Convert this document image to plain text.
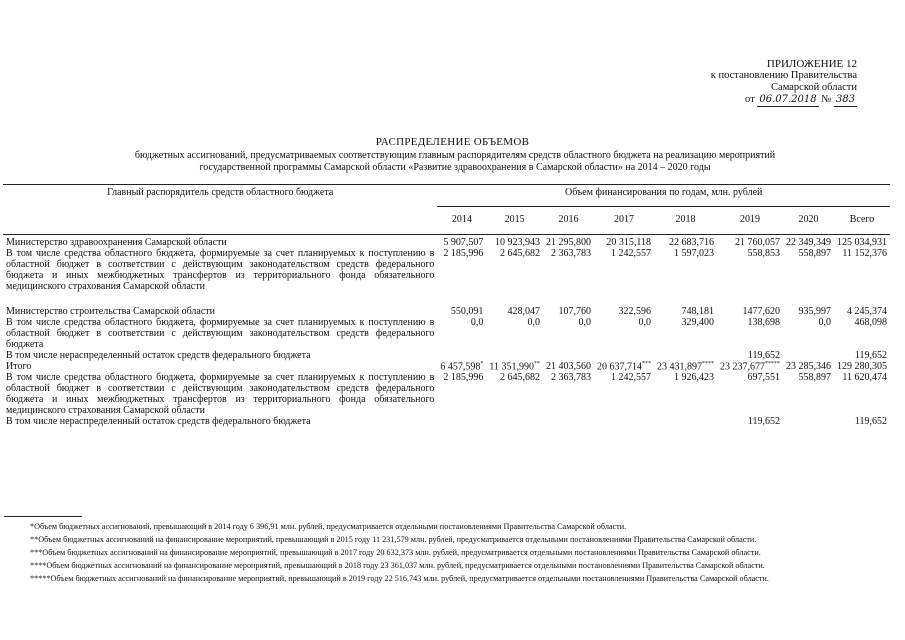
ПРИЛОЖЕНИЕ 12
к постановлению Правительства
Самарской области
от 06.07.2018 № 383
РАСПРЕДЕЛЕНИЕ ОБЪЕМОВ
бюджетных ассигнований, предусматриваемых соответствующим главным распорядителям средств областного бюджета на реализацию мероприятий государственной программы Самарской области «Развитие здравоохранения в Самарской области» на 2014 – 2020 годы
Главный распорядитель средств областного бюджета	Объем финансирования по годам, млн. рублей							
	2014	2015	2016	2017	2018	2019	2020	Всего
Министерство здравоохранения Самарской области	5 907,507	10 923,943	21 295,800	20 315,118	22 683,716	21 760,057	22 349,349	125 034,931
В том числе средства областного бюджета, формируемые за счет планируемых к поступлению в областной бюджет в соответствии с действующим законодательством средств федерального бюджета и иных межбюджетных трансфертов из территориального фонда обязательного медицинского страхования Самарской области	2 185,996	2 645,682	2 363,783	1 242,557	1 597,023	558,853	558,897	11 152,376
Министерство строительства Самарской области	550,091	428,047	107,760	322,596	748,181	1477,620	935,997	4 245,374
В том числе средства областного бюджета, формируемые за счет планируемых к поступлению в областной бюджет в соответствии с действующим законодательством средств федерального бюджета	0,0	0,0	0,0	0,0	329,400	138,698	0,0	468,098
В том числе нераспределенный остаток средств федерального бюджета						119,652		119,652
Итого	6 457,598*	11 351,990**	21 403,560	20 637,714***	23 431,897****	23 237,677*****	23 285,346	129 280,305
В том числе средства областного бюджета, формируемые за счет планируемых к поступлению в областной бюджет в соответствии с действующим законодательством средств федерального бюджета и иных межбюджетных трансфертов из территориального фонда обязательного медицинского страхования Самарской области	2 185,996	2 645,682	2 363,783	1 242,557	1 926,423	697,551	558,897	11 620,474
В том числе нераспределенный остаток средств федерального бюджета						119,652		119,652
*Объем бюджетных ассигнований, превышающий в 2014 году 6 396,91 млн. рублей, предусматривается отдельными постановлениями Правительства Самарской области.
**Объем бюджетных ассигнований на финансирование мероприятий, превышающий в 2015 году 11 231,579 млн. рублей, предусматривается отдельными постановлениями Правительства Самарской области.
***Объем бюджетных ассигнований на финансирование мероприятий, превышающий в 2017 году 20 632,373 млн. рублей, предусматривается отдельными постановлениями Правительства Самарской области.
****Объем бюджетных ассигнований на финансирование мероприятий, превышающий в 2018 году 23 361,037 млн. рублей, предусматривается отдельными постановлениями Правительства Самарской области.
*****Объем бюджетных ассигнований на финансирование мероприятий, превышающий в 2019 году 22 516,743 млн. рублей, предусматривается отдельными постановлениями Правительства Самарской области.
